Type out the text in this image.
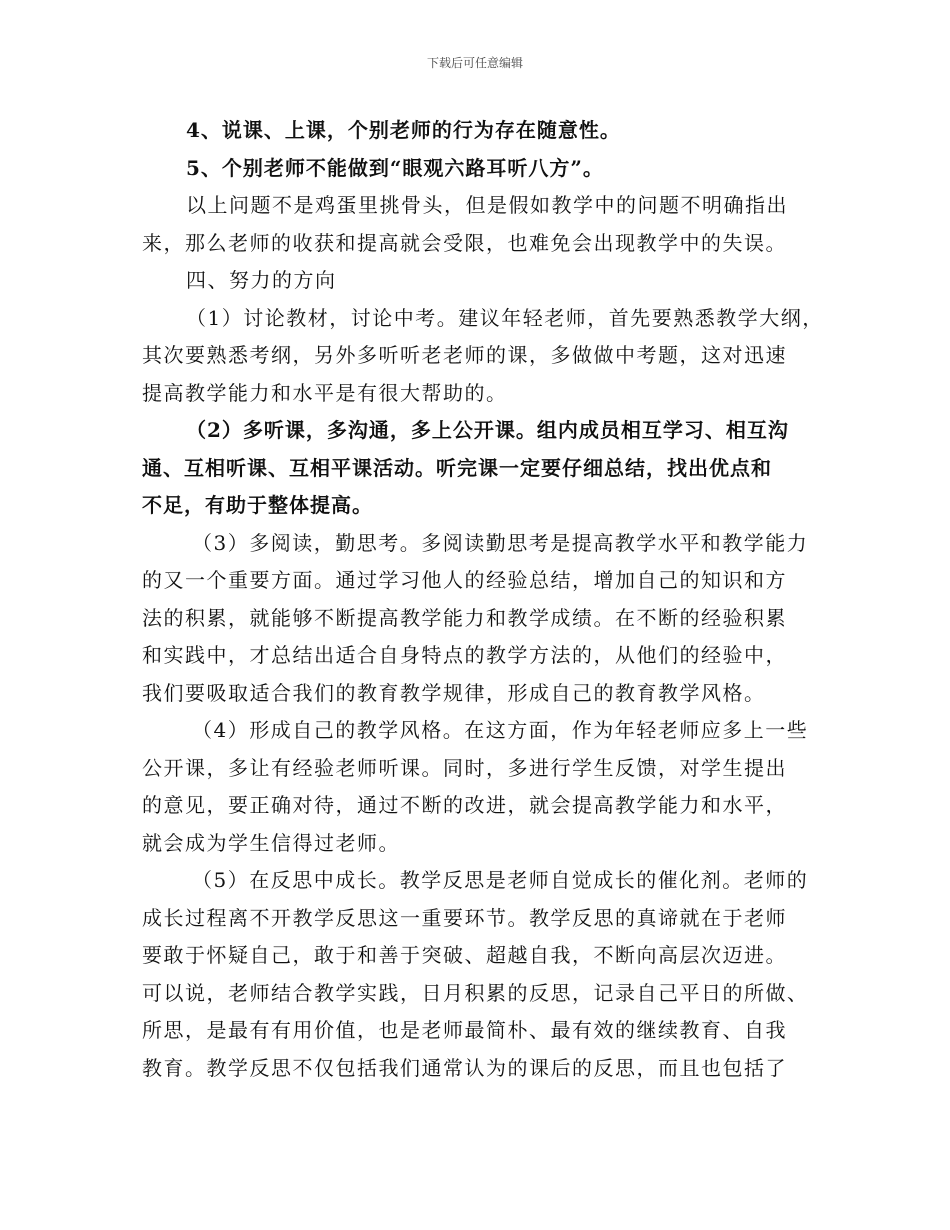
下载后可任意编辑
4、说课、上课，个别老师的行为存在随意性。
5、个别老师不能做到“眼观六路耳听八方”。
以上问题不是鸡蛋里挑骨头，但是假如教学中的问题不明确指出
来，那么老师的收获和提高就会受限，也难免会出现教学中的失误。
四、努力的方向
（1）讨论教材，讨论中考。建议年轻老师，首先要熟悉教学大纲，
其次要熟悉考纲，另外多听听老老师的课，多做做中考题，这对迅速
提高教学能力和水平是有很大帮助的。
（2）多听课，多沟通，多上公开课。组内成员相互学习、相互沟
通、互相听课、互相平课活动。听完课一定要仔细总结，找出优点和
不足，有助于整体提高。
（3）多阅读，勤思考。多阅读勤思考是提高教学水平和教学能力
的又一个重要方面。通过学习他人的经验总结，增加自己的知识和方
法的积累，就能够不断提高教学能力和教学成绩。在不断的经验积累
和实践中，才总结出适合自身特点的教学方法的，从他们的经验中，
我们要吸取适合我们的教育教学规律，形成自己的教育教学风格。
（4）形成自己的教学风格。在这方面，作为年轻老师应多上一些
公开课，多让有经验老师听课。同时，多进行学生反馈，对学生提出
的意见，要正确对待，通过不断的改进，就会提高教学能力和水平，
就会成为学生信得过老师。
（5）在反思中成长。教学反思是老师自觉成长的催化剂。老师的
成长过程离不开教学反思这一重要环节。教学反思的真谛就在于老师
要敢于怀疑自己，敢于和善于突破、超越自我，不断向高层次迈进。
可以说，老师结合教学实践，日月积累的反思，记录自己平日的所做、
所思，是最有有用价值，也是老师最简朴、最有效的继续教育、自我
教育。教学反思不仅包括我们通常认为的课后的反思，而且也包括了
